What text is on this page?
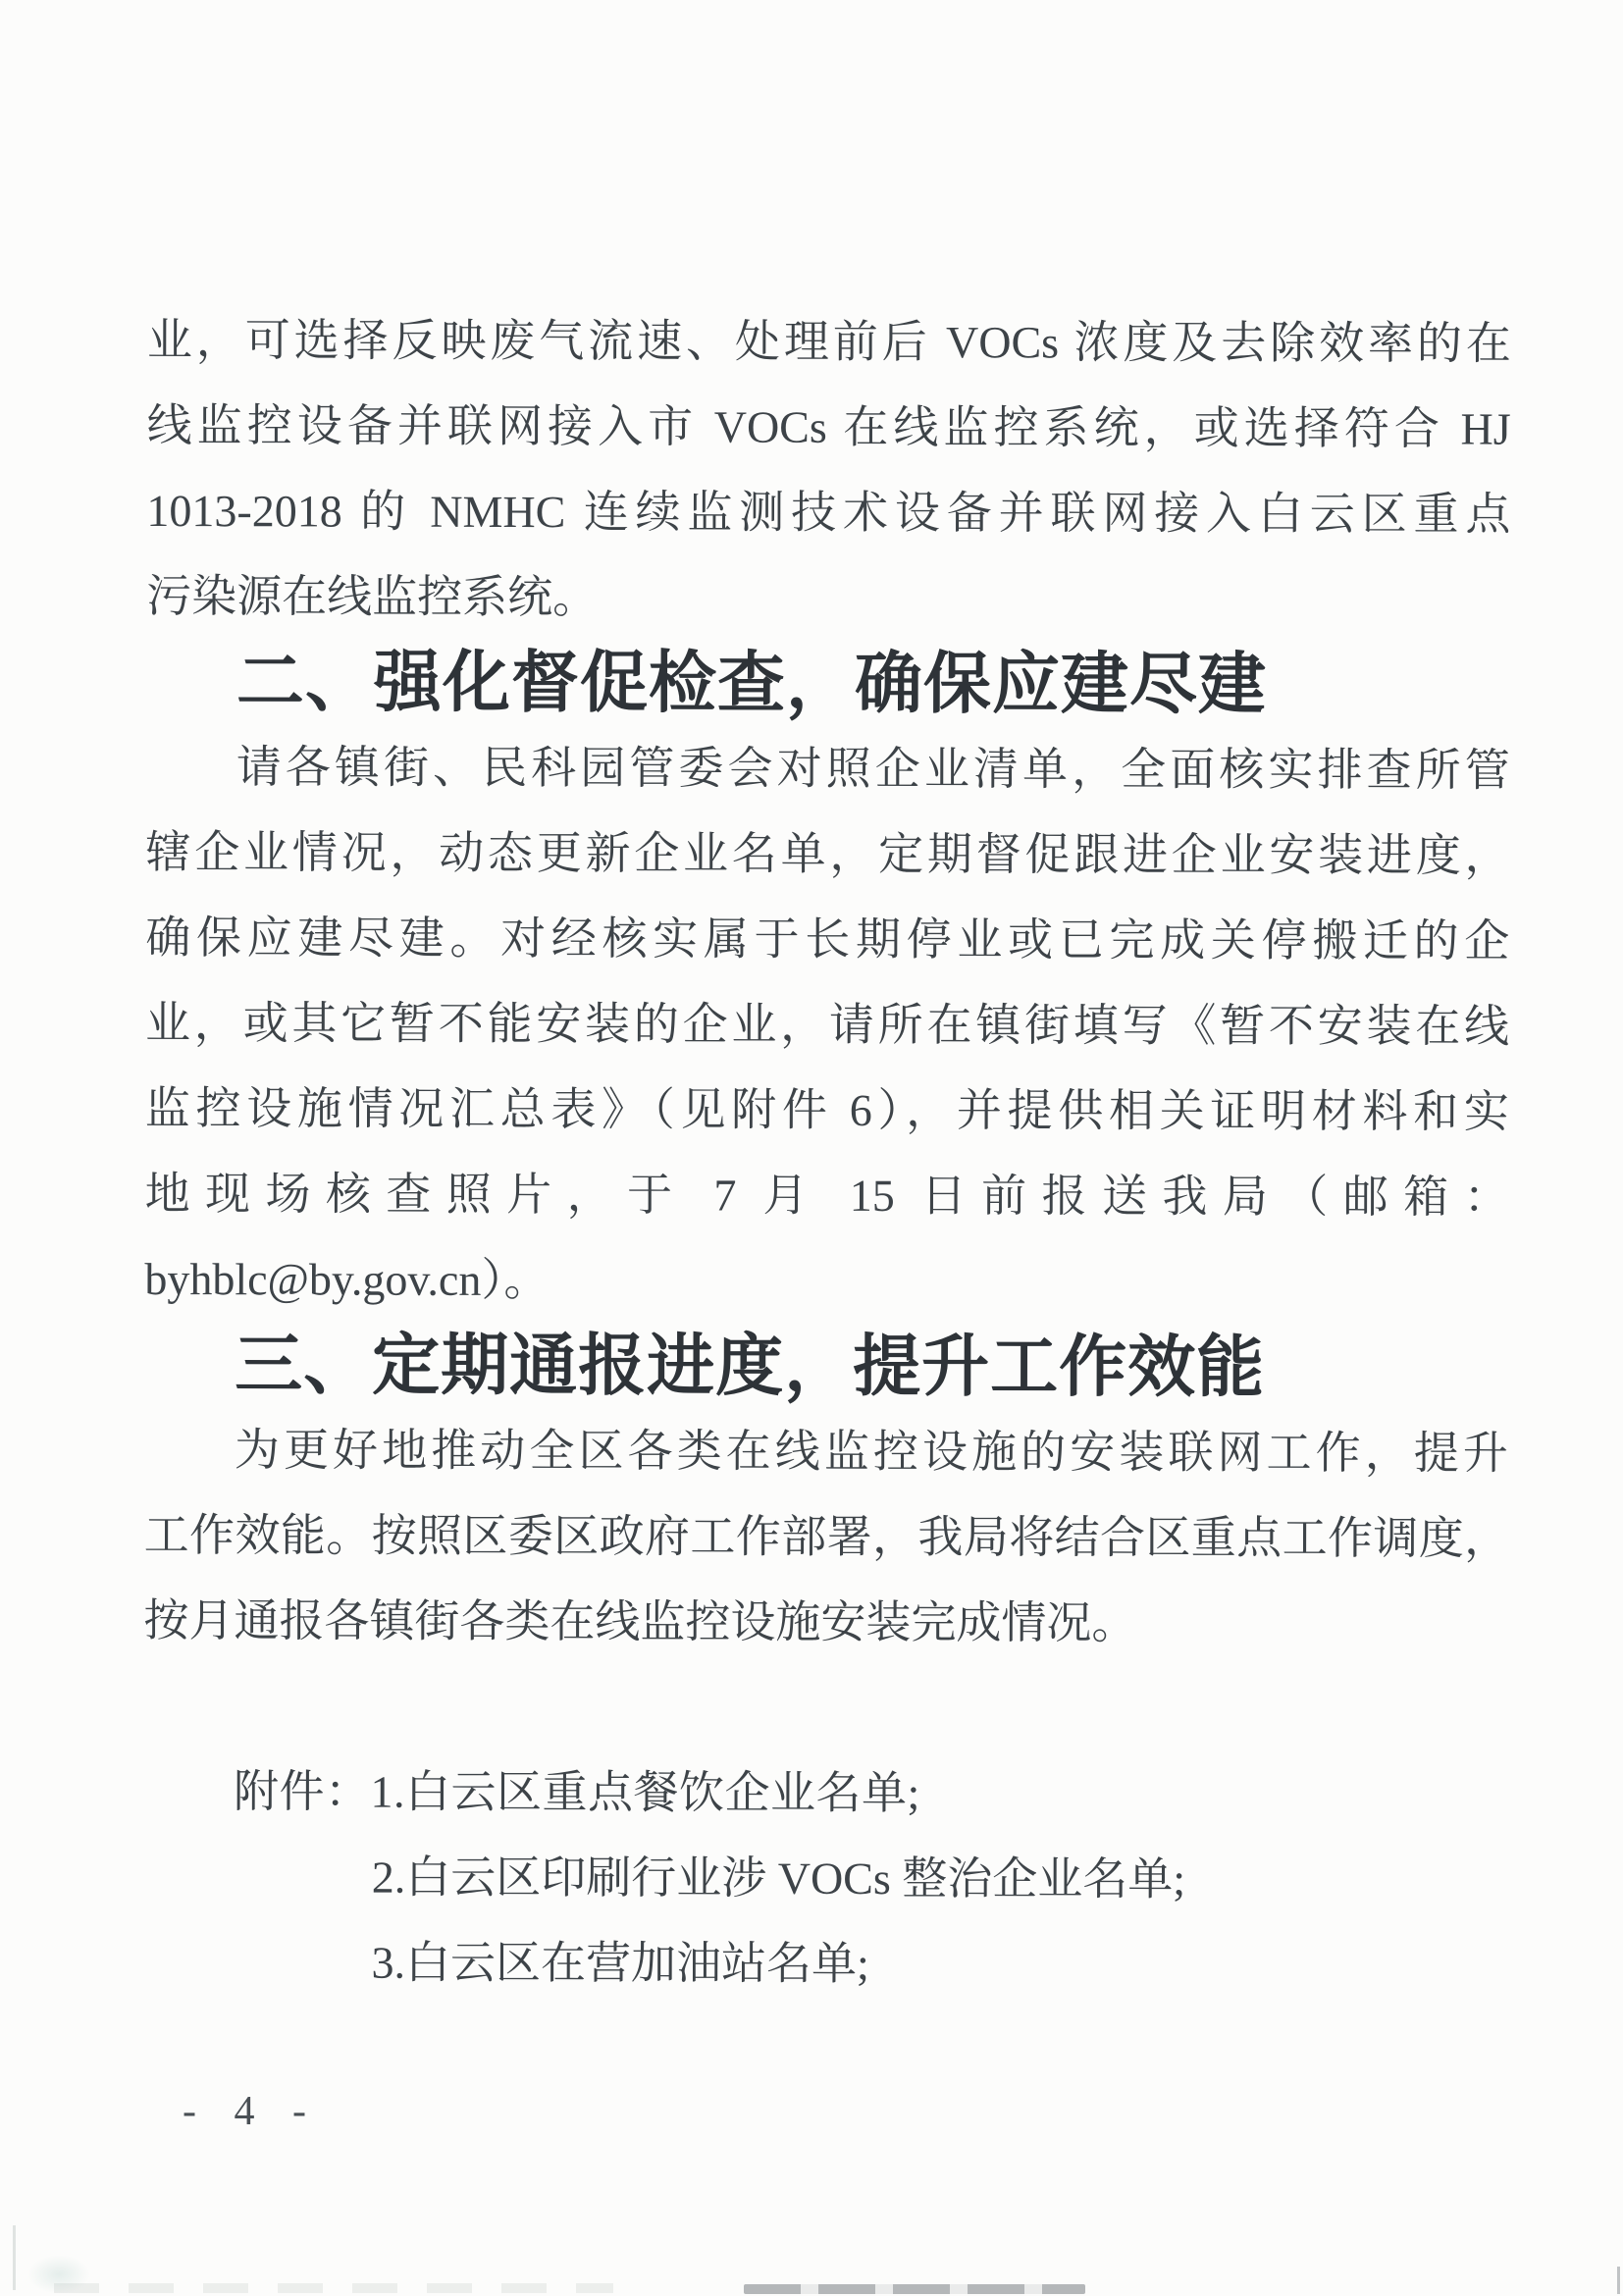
业，可选择反映废气流速、处理前后 VOCs 浓度及去除效率的在

线监控设备并联网接入市 VOCs 在线监控系统，或选择符合 HJ

1013-2018 的 NMHC 连续监测技术设备并联网接入白云区重点

污染源在线监控系统。

二、强化督促检查，确保应建尽建

请各镇街、民科园管委会对照企业清单，全面核实排查所管

辖企业情况，动态更新企业名单，定期督促跟进企业安装进度，

确保应建尽建。对经核实属于长期停业或已完成关停搬迁的企

业，或其它暂不能安装的企业，请所在镇街填写《暂不安装在线

监控设施情况汇总表》（见附件 6），并提供相关证明材料和实

地现场核查照片，于 7 月 15 日前报送我局（邮箱：

byhblc@by.gov.cn）。

三、定期通报进度，提升工作效能

为更好地推动全区各类在线监控设施的安装联网工作，提升

工作效能。按照区委区政府工作部署，我局将结合区重点工作调度，

按月通报各镇街各类在线监控设施安装完成情况。

附件：1.白云区重点餐饮企业名单;

2.白云区印刷行业涉 VOCs 整治企业名单;

3.白云区在营加油站名单;

- 4 -
